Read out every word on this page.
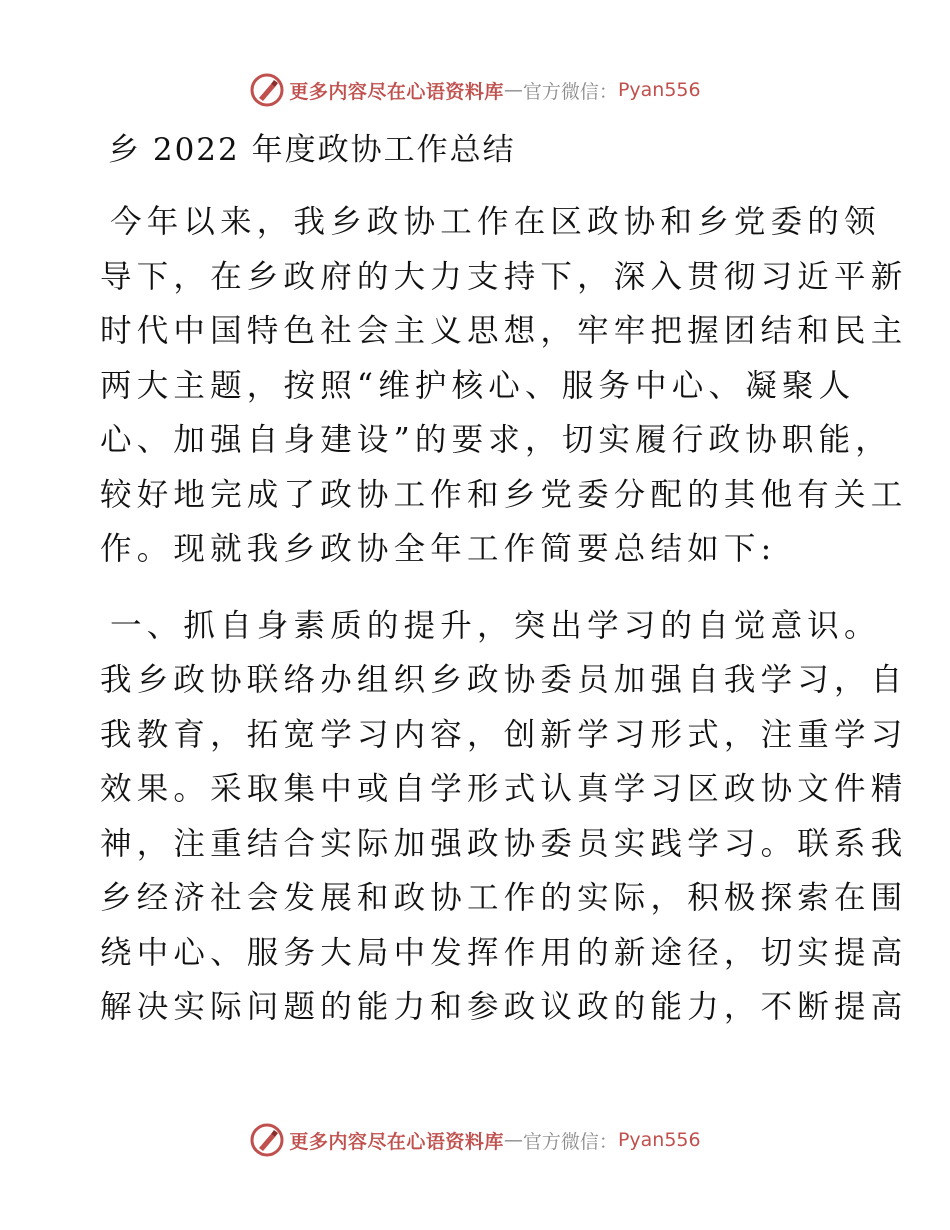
更多内容尽在心语资料库 — 官方微信： Pyan556
乡 2022 年度政协工作总结
今年以来，我乡政协工作在区政协和乡党委的领
导下，在乡政府的大力支持下，深入贯彻习近平新
时代中国特色社会主义思想，牢牢把握团结和民主
两大主题，按照“维护核心、服务中心、凝聚人
心、加强自身建设”的要求，切实履行政协职能，
较好地完成了政协工作和乡党委分配的其他有关工
作。现就我乡政协全年工作简要总结如下:
一、抓自身素质的提升，突出学习的自觉意识。
我乡政协联络办组织乡政协委员加强自我学习，自
我教育，拓宽学习内容，创新学习形式，注重学习
效果。采取集中或自学形式认真学习区政协文件精
神，注重结合实际加强政协委员实践学习。联系我
乡经济社会发展和政协工作的实际，积极探索在围
绕中心、服务大局中发挥作用的新途径，切实提高
解决实际问题的能力和参政议政的能力，不断提高
更多内容尽在心语资料库 — 官方微信： Pyan556
